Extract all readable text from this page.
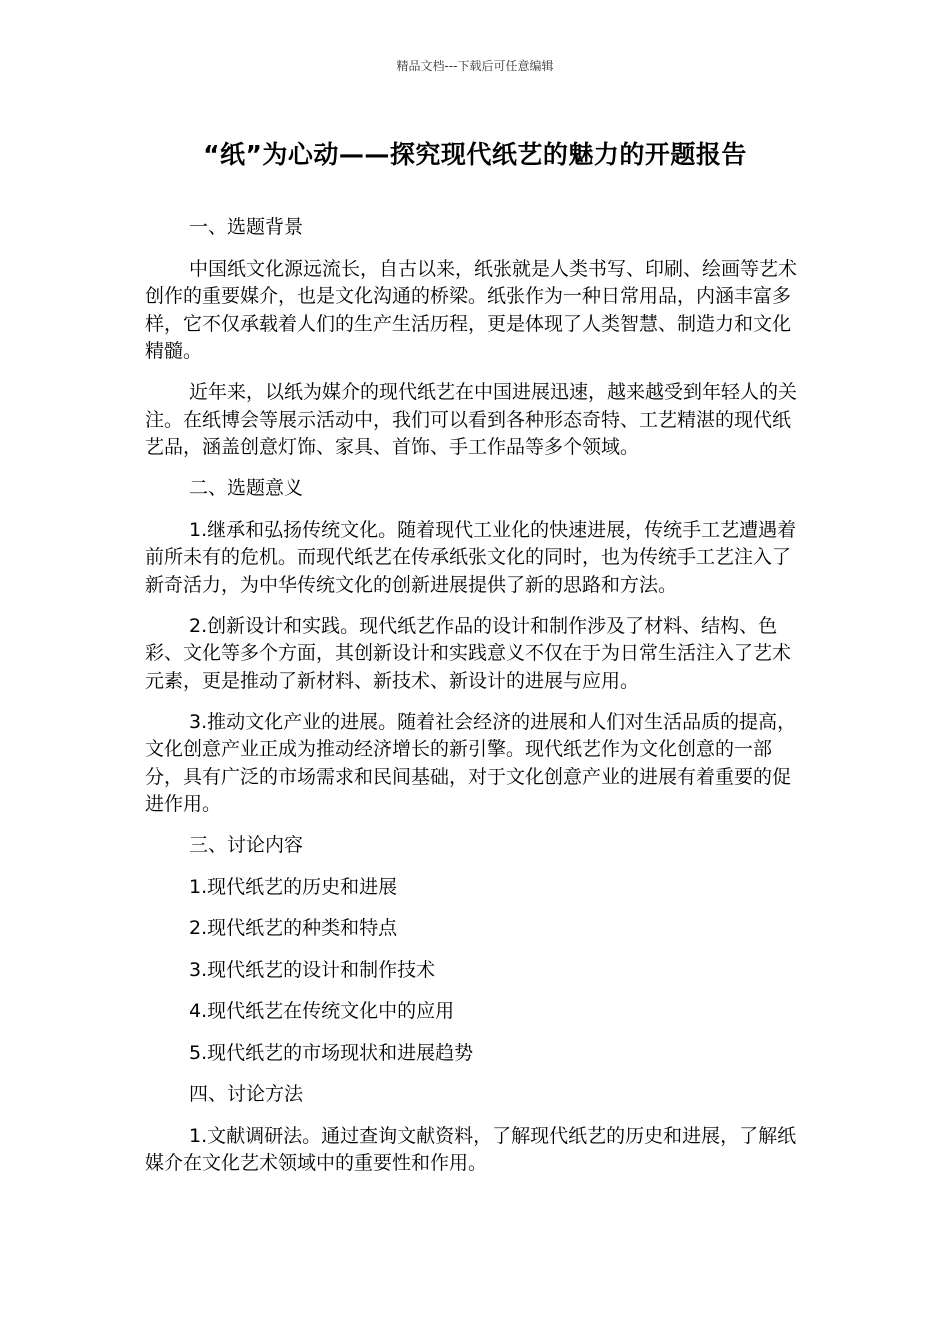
精品文档---下载后可任意编辑
“纸”为心动——探究现代纸艺的魅力的开题报告

一、选题背景

中国纸文化源远流长，自古以来，纸张就是人类书写、印刷、绘画等艺术创作的重要媒介，也是文化沟通的桥梁。纸张作为一种日常用品，内涵丰富多样，它不仅承载着人们的生产生活历程，更是体现了人类智慧、制造力和文化精髓。

近年来，以纸为媒介的现代纸艺在中国进展迅速，越来越受到年轻人的关注。在纸博会等展示活动中，我们可以看到各种形态奇特、工艺精湛的现代纸艺品，涵盖创意灯饰、家具、首饰、手工作品等多个领域。

二、选题意义

1.继承和弘扬传统文化。随着现代工业化的快速进展，传统手工艺遭遇着前所未有的危机。而现代纸艺在传承纸张文化的同时，也为传统手工艺注入了新奇活力，为中华传统文化的创新进展提供了新的思路和方法。

2.创新设计和实践。现代纸艺作品的设计和制作涉及了材料、结构、色彩、文化等多个方面，其创新设计和实践意义不仅在于为日常生活注入了艺术元素，更是推动了新材料、新技术、新设计的进展与应用。

3.推动文化产业的进展。随着社会经济的进展和人们对生活品质的提高，文化创意产业正成为推动经济增长的新引擎。现代纸艺作为文化创意的一部分，具有广泛的市场需求和民间基础，对于文化创意产业的进展有着重要的促进作用。

三、讨论内容

1.现代纸艺的历史和进展

2.现代纸艺的种类和特点

3.现代纸艺的设计和制作技术

4.现代纸艺在传统文化中的应用

5.现代纸艺的市场现状和进展趋势

四、讨论方法

1.文献调研法。通过查询文献资料，了解现代纸艺的历史和进展，了解纸媒介在文化艺术领域中的重要性和作用。
